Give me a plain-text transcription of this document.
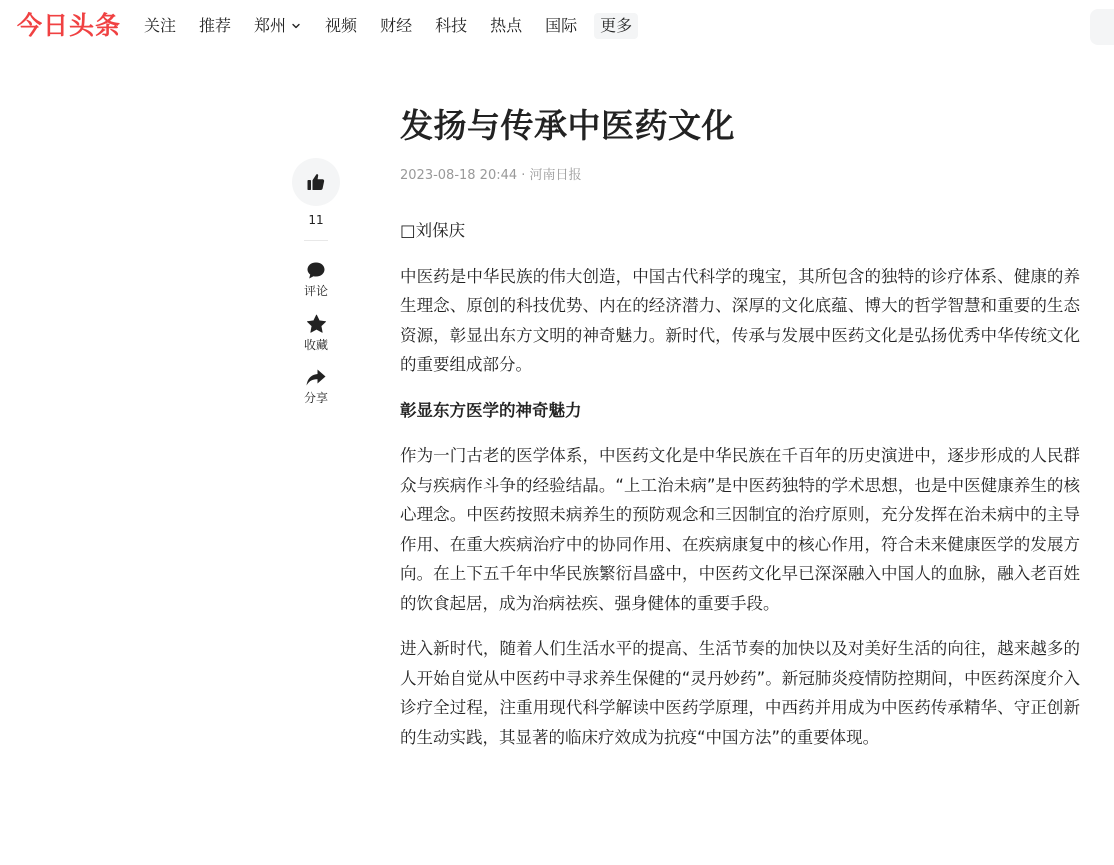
今日头条 关注 推荐 郑州 视频 财经 科技 热点 国际	更多
11
评论
收藏
分享
发扬与传承中医药文化
2023-08-18 20:44 · 河南日报

□刘保庆

中医药是中华民族的伟大创造，中国古代科学的瑰宝，其所包含的独特的诊疗体系、健康的养生理念、原创的科技优势、内在的经济潜力、深厚的文化底蕴、博大的哲学智慧和重要的生态资源，彰显出东方文明的神奇魅力。新时代，传承与发展中医药文化是弘扬优秀中华传统文化的重要组成部分。

彰显东方医学的神奇魅力

作为一门古老的医学体系，中医药文化是中华民族在千百年的历史演进中，逐步形成的人民群众与疾病作斗争的经验结晶。“上工治未病”是中医药独特的学术思想，也是中医健康养生的核心理念。中医药按照未病养生的预防观念和三因制宜的治疗原则，充分发挥在治未病中的主导作用、在重大疾病治疗中的协同作用、在疾病康复中的核心作用，符合未来健康医学的发展方向。在上下五千年中华民族繁衍昌盛中，中医药文化早已深深融入中国人的血脉，融入老百姓的饮食起居，成为治病祛疾、强身健体的重要手段。

进入新时代，随着人们生活水平的提高、生活节奏的加快以及对美好生活的向往，越来越多的人开始自觉从中医药中寻求养生保健的“灵丹妙药”。新冠肺炎疫情防控期间，中医药深度介入诊疗全过程，注重用现代科学解读中医药学原理，中西药并用成为中医药传承精华、守正创新的生动实践，其显著的临床疗效成为抗疫“中国方法”的重要体现。
